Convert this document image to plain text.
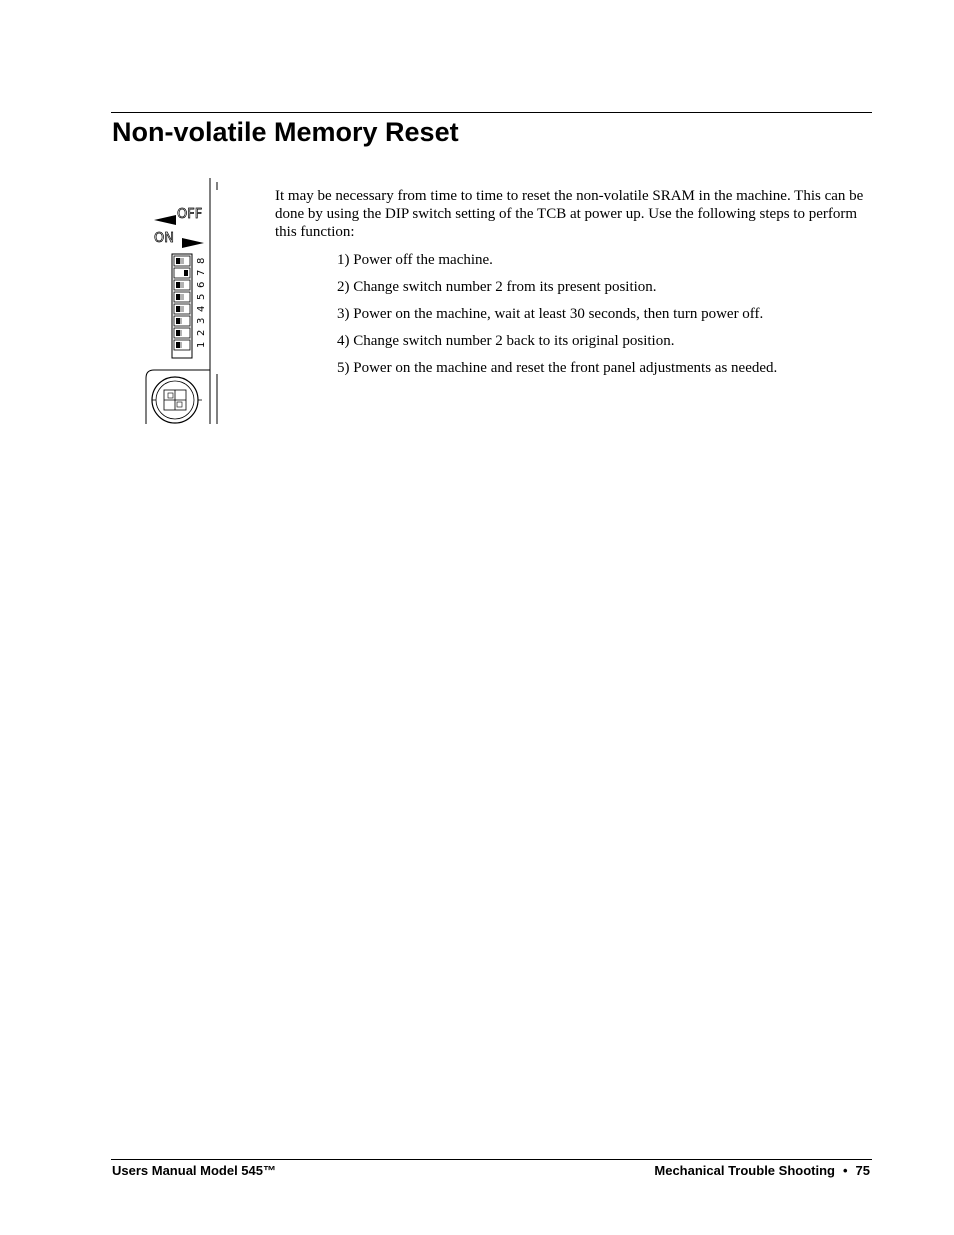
Non-volatile Memory Reset
OFF
ON
1
2
3
4
5
6
7
8

It may be necessary from time to time to reset the non-volatile SRAM in the machine. This can be done by using the DIP switch setting of the TCB at power up. Use the following steps to perform this function:

1) Power off the machine.
2) Change switch number 2 from its present position.
3) Power on the machine, wait at least 30 seconds, then turn power off.
4) Change switch number 2 back to its original position.
5) Power on the machine and reset the front panel adjustments as needed.
Users Manual Model 545™	Mechanical Trouble Shooting • 75
